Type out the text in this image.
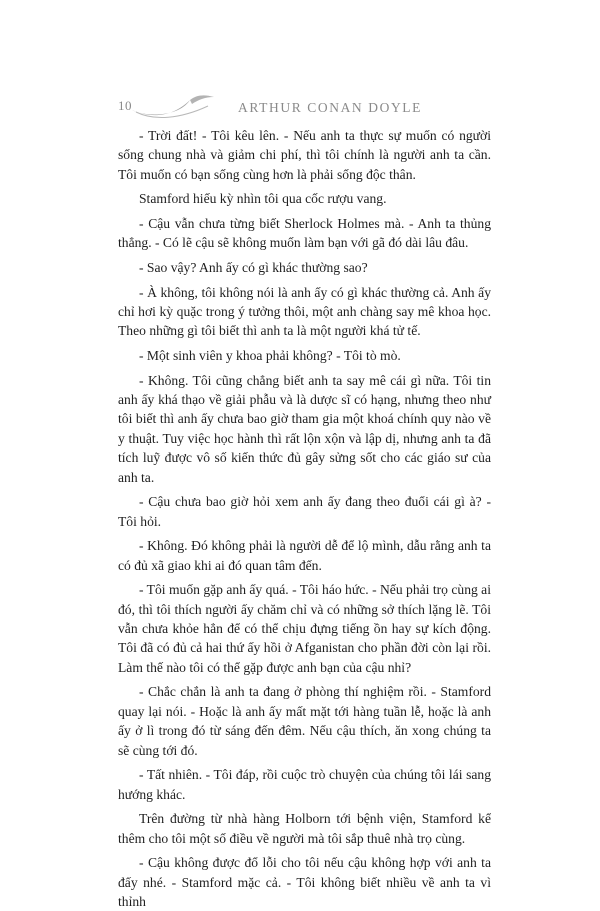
10	ARTHUR CONAN DOYLE

- Trời đất! - Tôi kêu lên. - Nếu anh ta thực sự muốn có người sống chung nhà và giảm chi phí, thì tôi chính là người anh ta cần. Tôi muốn có bạn sống cùng hơn là phải sống độc thân.

Stamford hiếu kỳ nhìn tôi qua cốc rượu vang.

- Cậu vẫn chưa từng biết Sherlock Holmes mà. - Anh ta thủng thẳng. - Có lẽ cậu sẽ không muốn làm bạn với gã đó dài lâu đâu.

- Sao vậy? Anh ấy có gì khác thường sao?

- À không, tôi không nói là anh ấy có gì khác thường cả. Anh ấy chỉ hơi kỳ quặc trong ý tưởng thôi, một anh chàng say mê khoa học. Theo những gì tôi biết thì anh ta là một người khá tử tế.

- Một sinh viên y khoa phải không? - Tôi tò mò.

- Không. Tôi cũng chẳng biết anh ta say mê cái gì nữa. Tôi tin anh ấy khá thạo về giải phẫu và là dược sĩ có hạng, nhưng theo như tôi biết thì anh ấy chưa bao giờ tham gia một khoá chính quy nào về y thuật. Tuy việc học hành thì rất lộn xộn và lập dị, nhưng anh ta đã tích luỹ được vô số kiến thức đủ gây sửng sốt cho các giáo sư của anh ta.

- Cậu chưa bao giờ hỏi xem anh ấy đang theo đuổi cái gì à? - Tôi hỏi.

- Không. Đó không phải là người dễ để lộ mình, dẫu rằng anh ta có đủ xã giao khi ai đó quan tâm đến.

- Tôi muốn gặp anh ấy quá. - Tôi háo hức. - Nếu phải trọ cùng ai đó, thì tôi thích người ấy chăm chỉ và có những sở thích lặng lẽ. Tôi vẫn chưa khỏe hẳn để có thể chịu đựng tiếng ồn hay sự kích động. Tôi đã có đủ cả hai thứ ấy hồi ở Afganistan cho phần đời còn lại rồi. Làm thế nào tôi có thể gặp được anh bạn của cậu nhỉ?

- Chắc chắn là anh ta đang ở phòng thí nghiệm rồi. - Stamford quay lại nói. - Hoặc là anh ấy mất mặt tới hàng tuần lễ, hoặc là anh ấy ở lì trong đó từ sáng đến đêm. Nếu cậu thích, ăn xong chúng ta sẽ cùng tới đó.

- Tất nhiên. - Tôi đáp, rồi cuộc trò chuyện của chúng tôi lái sang hướng khác.

Trên đường từ nhà hàng Holborn tới bệnh viện, Stamford kể thêm cho tôi một số điều về người mà tôi sắp thuê nhà trọ cùng.

- Cậu không được đổ lỗi cho tôi nếu cậu không hợp với anh ta đấy nhé. - Stamford mặc cả. - Tôi không biết nhiều về anh ta vì thỉnh
